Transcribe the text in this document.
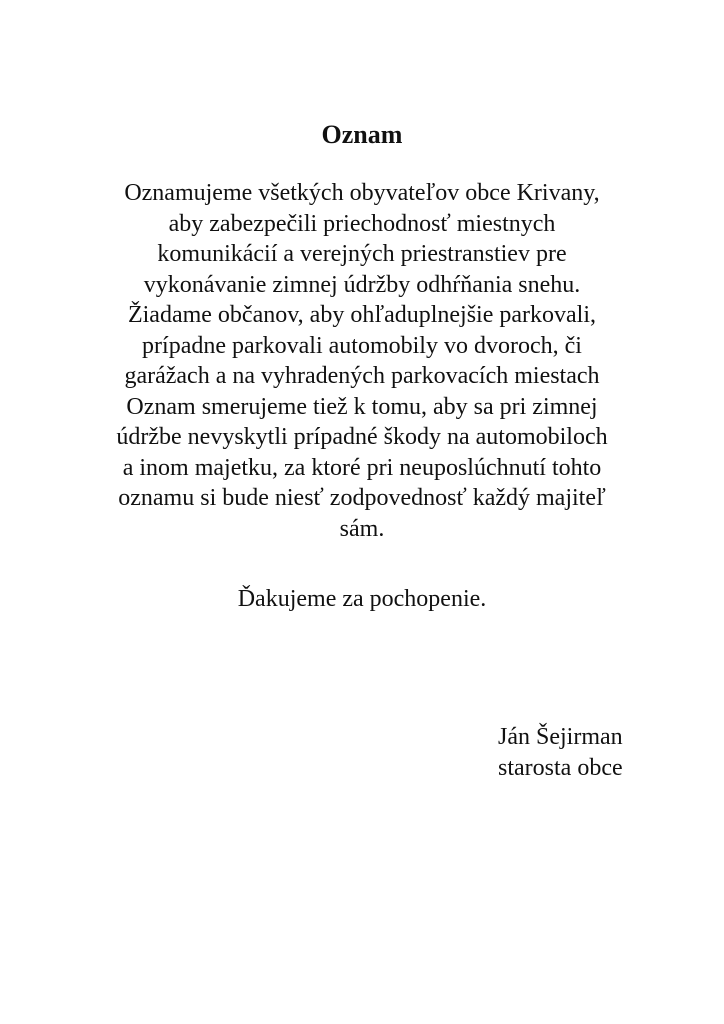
Oznam
Oznamujeme všetkých obyvateľov obce Krivany,
aby zabezpečili priechodnosť miestnych
komunikácií a verejných priestranstiev pre
vykonávanie zimnej údržby odhŕňania snehu.
Žiadame občanov, aby ohľaduplnejšie parkovali,
prípadne parkovali automobily vo dvoroch, či
garážach a na vyhradených parkovacích miestach
Oznam smerujeme tiež k tomu, aby sa pri zimnej
údržbe nevyskytli prípadné škody na automobiloch
a inom majetku, za ktoré pri neuposlúchnutí tohto
oznamu si bude niesť zodpovednosť každý majiteľ
sám.

Ďakujeme za pochopenie.

Ján Šejirman
starosta obce
